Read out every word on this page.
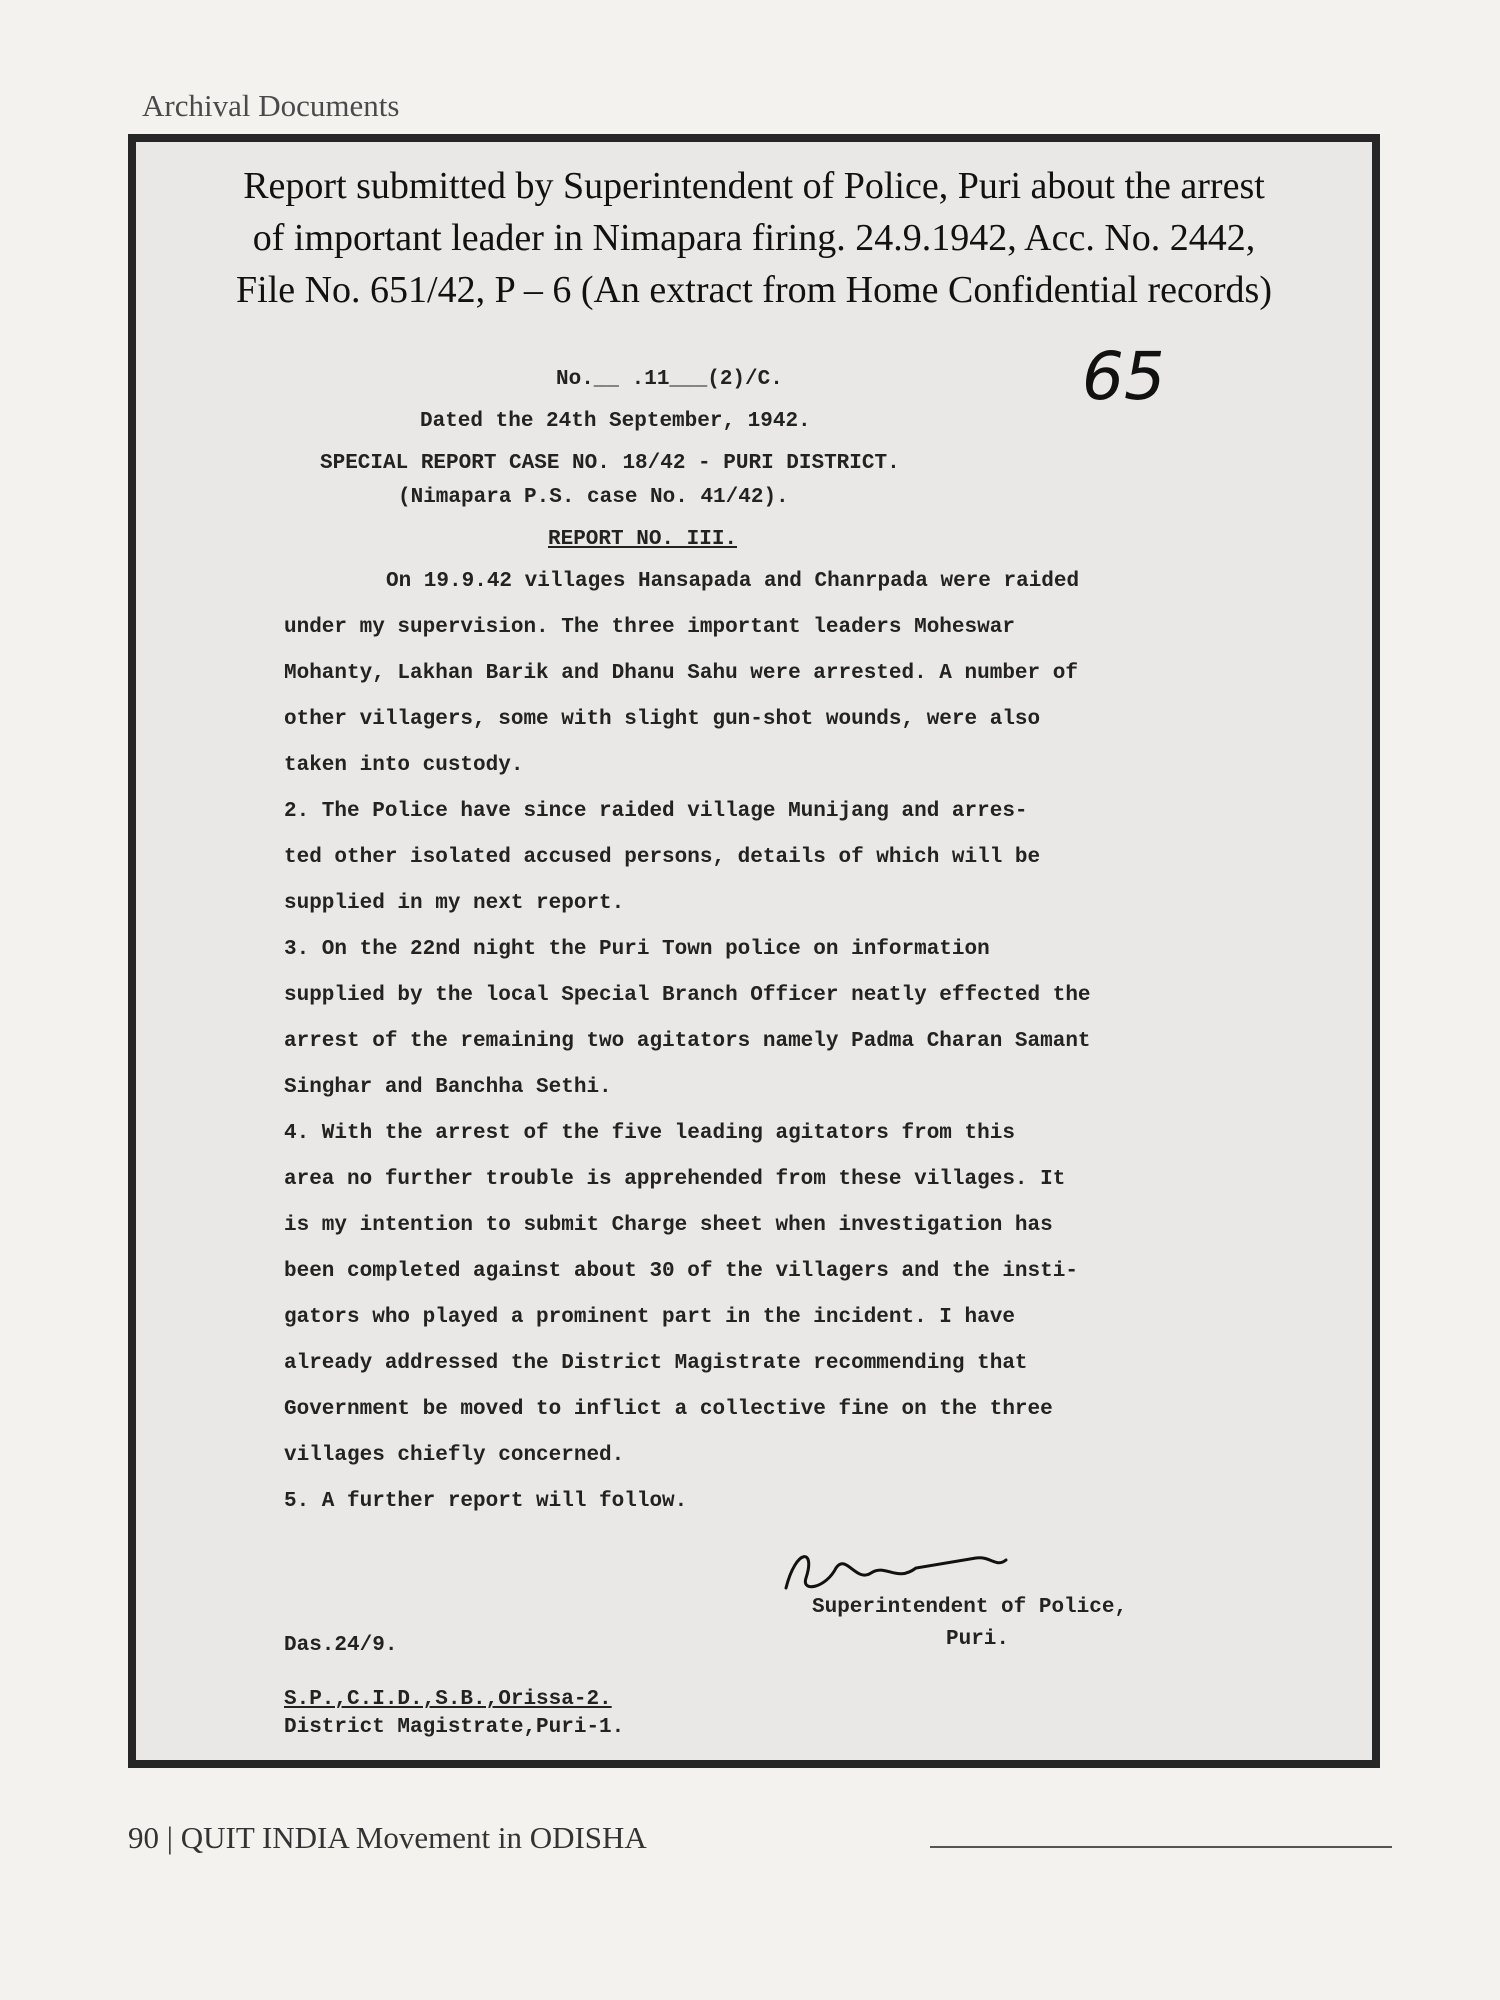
Archival Documents
Report submitted by Superintendent of Police, Puri about the arrest
of important leader in Nimapara firing. 24.9.1942, Acc. No. 2442,
File No. 651/42, P – 6 (An extract from Home Confidential records)
65
No.__ .11___(2)/C.
Dated the 24th September, 1942.
SPECIAL REPORT CASE NO. 18/42 - PURI DISTRICT.
(Nimapara P.S. case No. 41/42).
REPORT NO. III.
On 19.9.42 villages Hansapada and Chanrpada were raided
under my supervision. The three important leaders Moheswar
Mohanty, Lakhan Barik and Dhanu Sahu were arrested. A number of
other villagers, some with slight gun-shot wounds, were also
taken into custody.
2. The Police have since raided village Munijang and arres-
ted other isolated accused persons, details of which will be
supplied in my next report.
3. On the 22nd night the Puri Town police on information
supplied by the local Special Branch Officer neatly effected the
arrest of the remaining two agitators namely Padma Charan Samant
Singhar and Banchha Sethi.
4. With the arrest of the five leading agitators from this
area no further trouble is apprehended from these villages. It
is my intention to submit Charge sheet when investigation has
been completed against about 30 of the villagers and the insti-
gators who played a prominent part in the incident. I have
already addressed the District Magistrate recommending that
Government be moved to inflict a collective fine on the three
villages chiefly concerned.
5. A further report will follow.
Superintendent of Police,
Puri.
Das.24/9.
S.P.,C.I.D.,S.B.,Orissa-2.
District Magistrate,Puri-1.
90 | QUIT INDIA Movement in ODISHA
